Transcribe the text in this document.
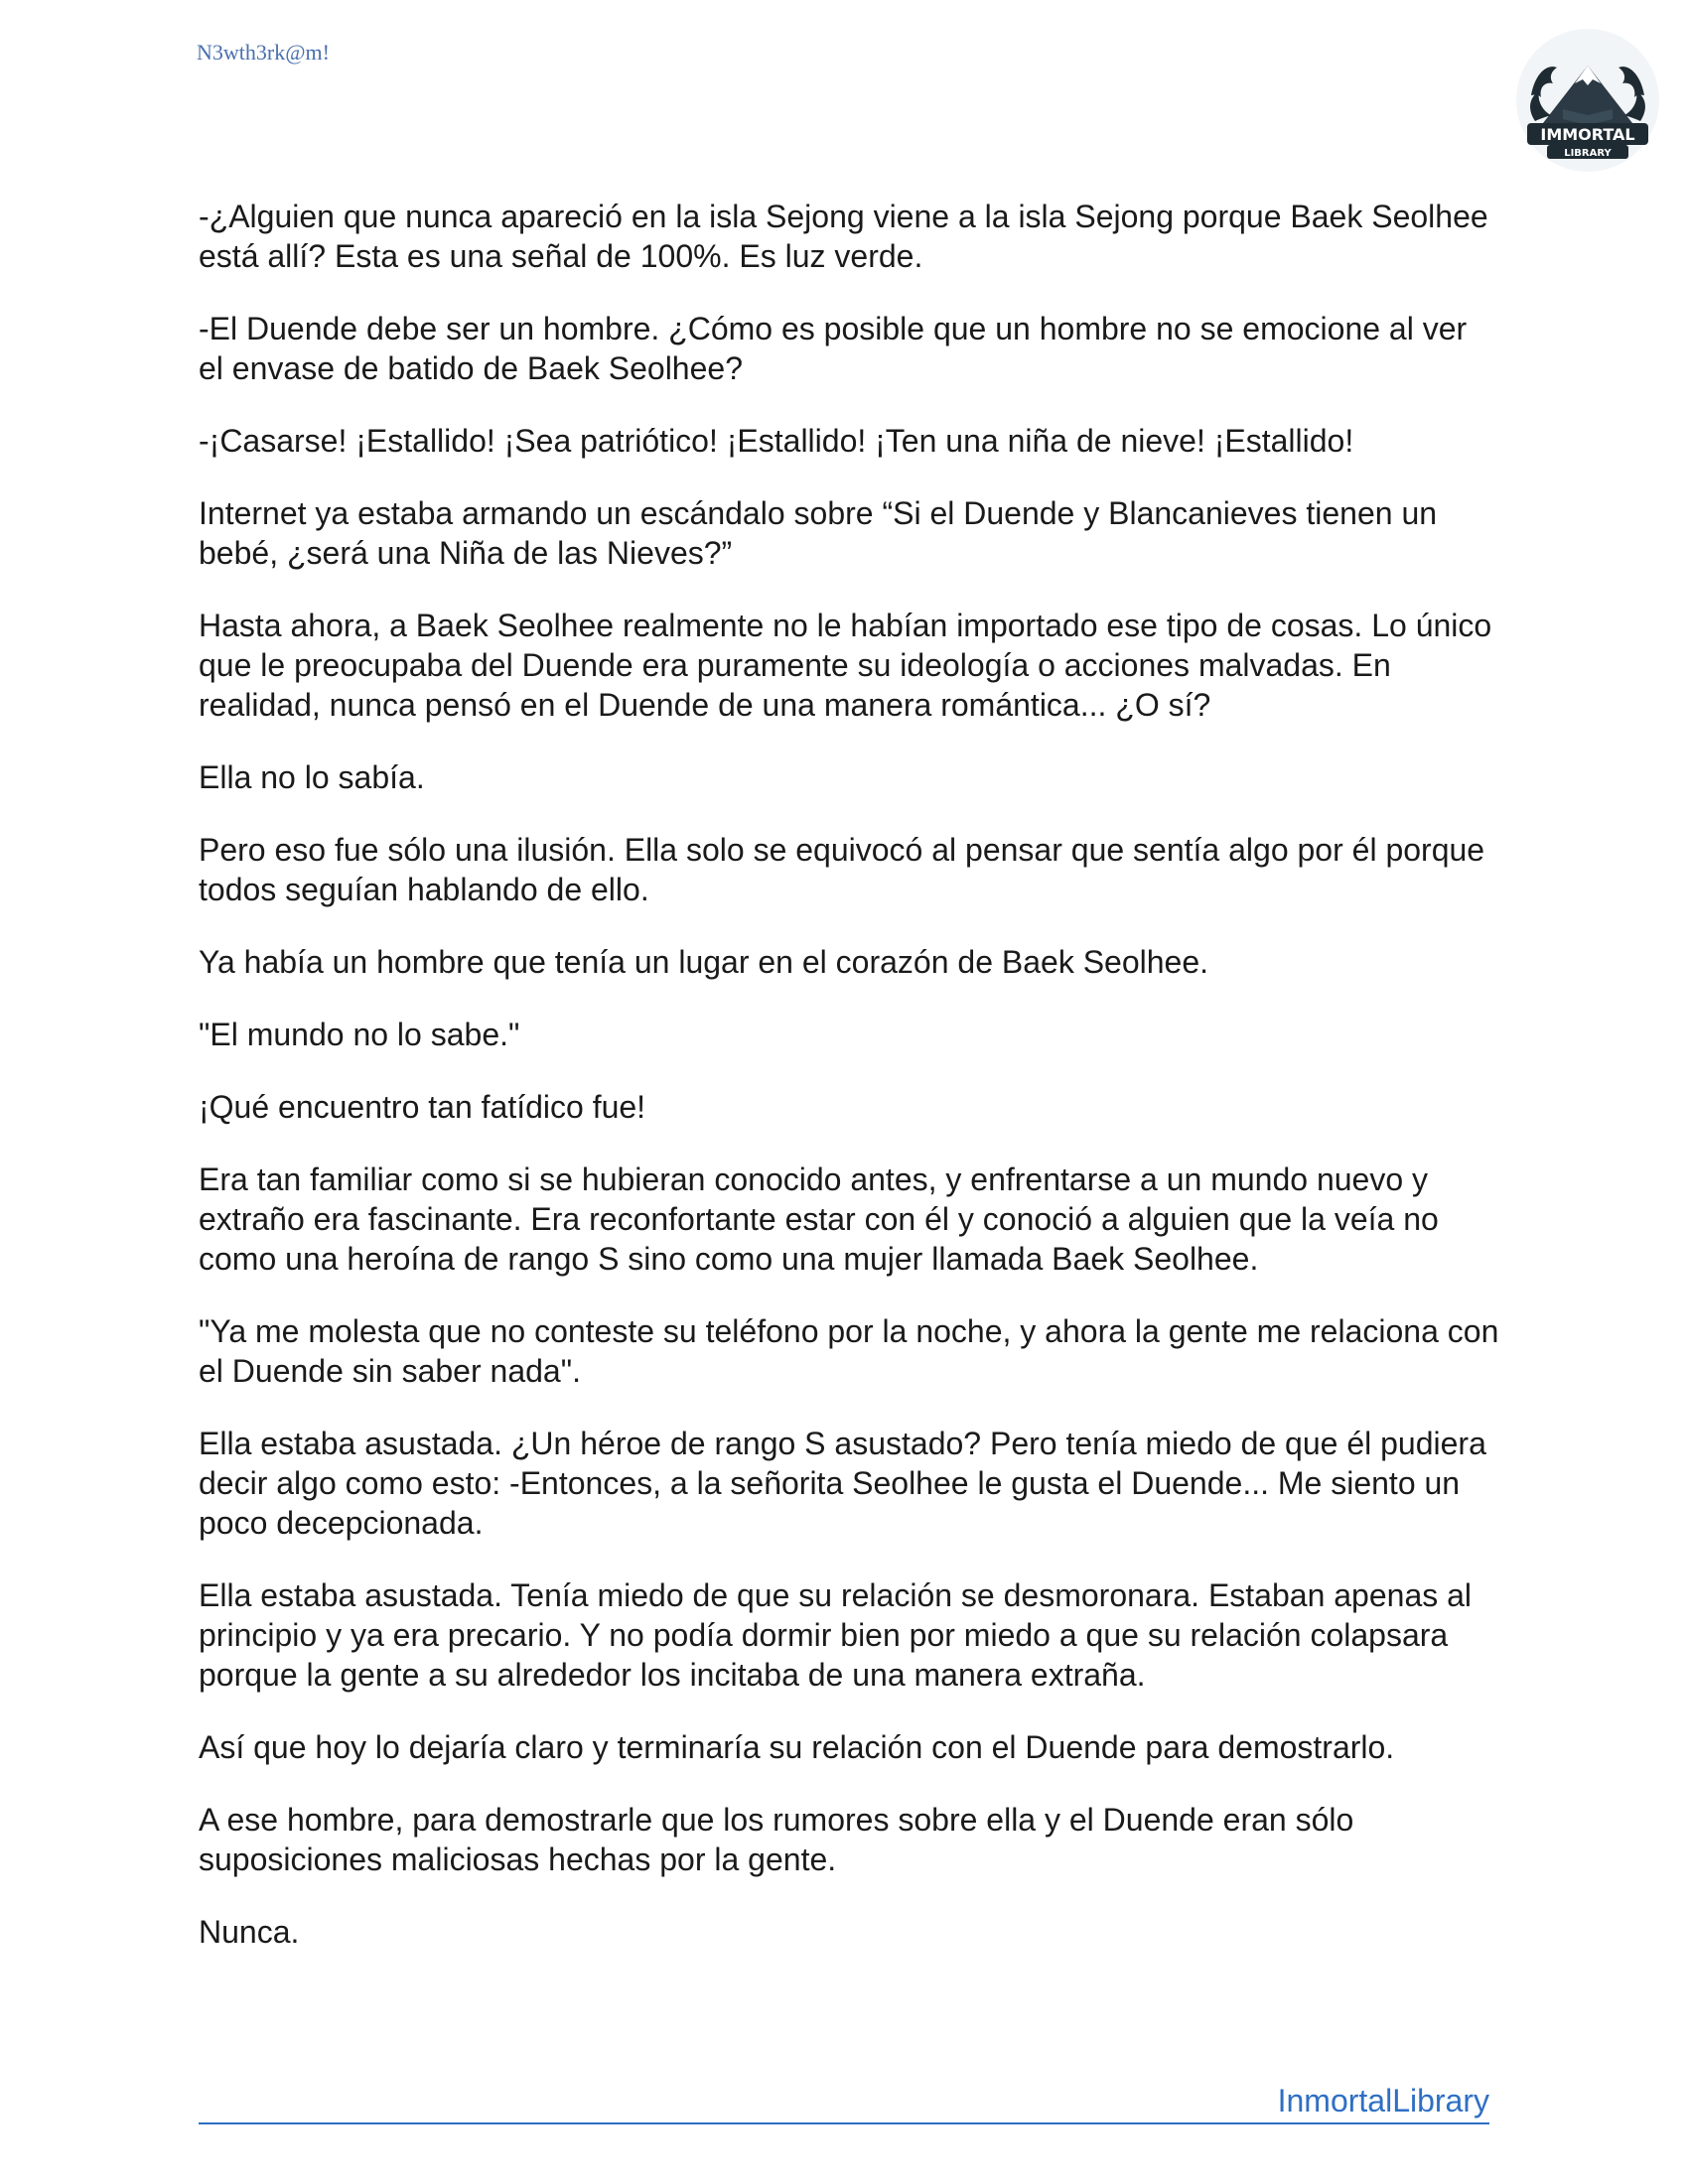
N3wth3rk@m!
IMMORTAL
LIBRARY

-¿Alguien que nunca apareció en la isla Sejong viene a la isla Sejong porque Baek Seolhee está allí? Esta es una señal de 100%. Es luz verde.

-El Duende debe ser un hombre. ¿Cómo es posible que un hombre no se emocione al ver el envase de batido de Baek Seolhee?

-¡Casarse! ¡Estallido! ¡Sea patriótico! ¡Estallido! ¡Ten una niña de nieve! ¡Estallido!

Internet ya estaba armando un escándalo sobre “Si el Duende y Blancanieves tienen un bebé, ¿será una Niña de las Nieves?”

Hasta ahora, a Baek Seolhee realmente no le habían importado ese tipo de cosas. Lo único que le preocupaba del Duende era puramente su ideología o acciones malvadas. En realidad, nunca pensó en el Duende de una manera romántica... ¿O sí?

Ella no lo sabía.

Pero eso fue sólo una ilusión. Ella solo se equivocó al pensar que sentía algo por él porque todos seguían hablando de ello.

Ya había un hombre que tenía un lugar en el corazón de Baek Seolhee.

"El mundo no lo sabe."

¡Qué encuentro tan fatídico fue!

Era tan familiar como si se hubieran conocido antes, y enfrentarse a un mundo nuevo y extraño era fascinante. Era reconfortante estar con él y conoció a alguien que la veía no como una heroína de rango S sino como una mujer llamada Baek Seolhee.

"Ya me molesta que no conteste su teléfono por la noche, y ahora la gente me relaciona con el Duende sin saber nada".

Ella estaba asustada. ¿Un héroe de rango S asustado? Pero tenía miedo de que él pudiera decir algo como esto: -Entonces, a la señorita Seolhee le gusta el Duende... Me siento un poco decepcionada.

Ella estaba asustada. Tenía miedo de que su relación se desmoronara. Estaban apenas al principio y ya era precario. Y no podía dormir bien por miedo a que su relación colapsara porque la gente a su alrededor los incitaba de una manera extraña.

Así que hoy lo dejaría claro y terminaría su relación con el Duende para demostrarlo.

A ese hombre, para demostrarle que los rumores sobre ella y el Duende eran sólo suposiciones maliciosas hechas por la gente.

Nunca.

InmortalLibrary
